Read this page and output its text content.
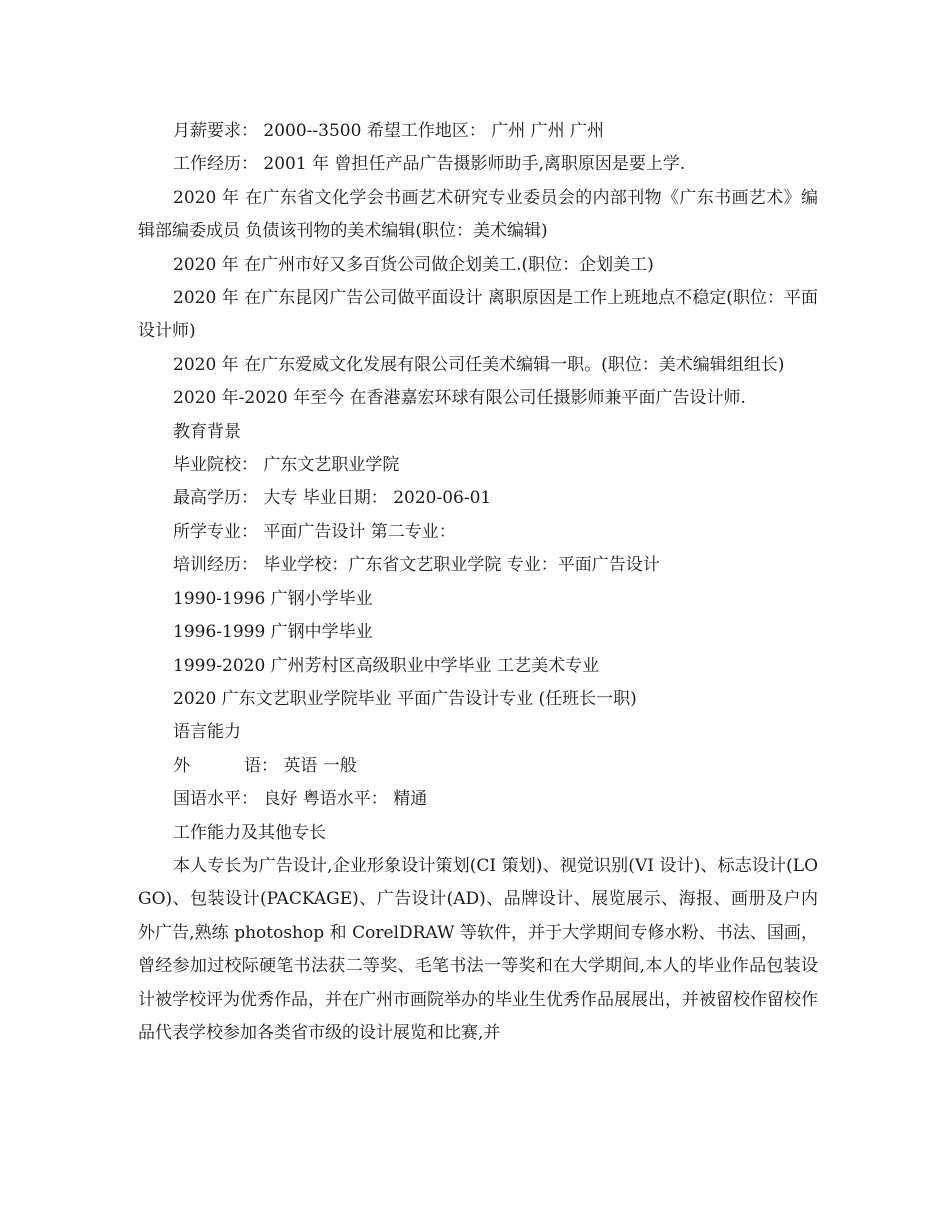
月薪要求： 2000--3500 希望工作地区： 广州 广州 广州
工作经历： 2001 年 曾担任产品广告摄影师助手,离职原因是要上学.
2020 年 在广东省文化学会书画艺术研究专业委员会的内部刊物《广东书画艺术》编辑部编委成员 负债该刊物的美术编辑(职位：美术编辑)
2020 年 在广州市好又多百货公司做企划美工.(职位：企划美工)
2020 年 在广东昆冈广告公司做平面设计 离职原因是工作上班地点不稳定(职位：平面设计师)
2020 年 在广东爱威文化发展有限公司任美术编辑一职。(职位：美术编辑组组长)
2020 年-2020 年至今 在香港嘉宏环球有限公司任摄影师兼平面广告设计师.
教育背景
毕业院校： 广东文艺职业学院
最高学历： 大专 毕业日期： 2020-06-01
所学专业： 平面广告设计 第二专业：
培训经历： 毕业学校：广东省文艺职业学院 专业：平面广告设计
1990-1996 广钢小学毕业
1996-1999 广钢中学毕业
1999-2020 广州芳村区高级职业中学毕业 工艺美术专业
2020 广东文艺职业学院毕业 平面广告设计专业 (任班长一职)
语言能力
外	语： 英语 一般
国语水平： 良好 粤语水平： 精通
工作能力及其他专长
本人专长为广告设计,企业形象设计策划(CI 策划)、视觉识别(VI 设计)、标志设计(LOGO)、包装设计(PACKAGE)、广告设计(AD)、品牌设计、展览展示、海报、画册及户内外广告,熟练 photoshop 和 CorelDRAW 等软件，并于大学期间专修水粉、书法、国画，曾经参加过校际硬笔书法获二等奖、毛笔书法一等奖和在大学期间,本人的毕业作品包装设计被学校评为优秀作品，并在广州市画院举办的毕业生优秀作品展展出，并被留校作留校作品代表学校参加各类省市级的设计展览和比赛,并
